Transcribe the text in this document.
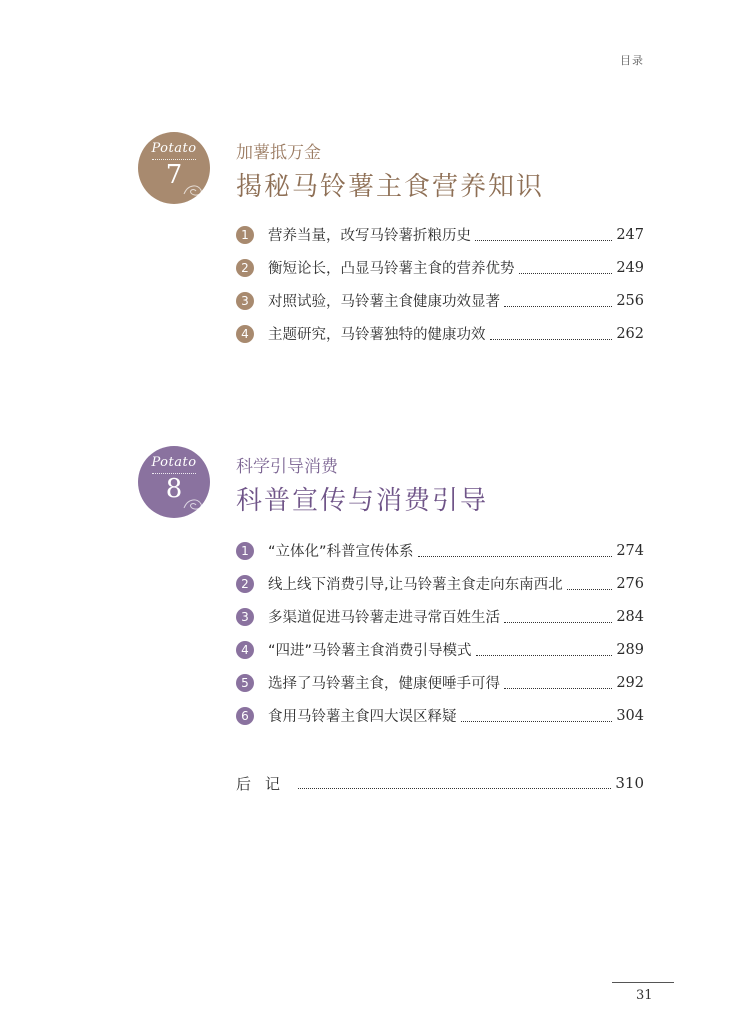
目录
Potato
7
加薯抵万金
揭秘马铃薯主食营养知识
1	营养当量，改写马铃薯折粮历史	247
2	衡短论长，凸显马铃薯主食的营养优势	249
3	对照试验，马铃薯主食健康功效显著	256
4	主题研究，马铃薯独特的健康功效	262
Potato
8
科学引导消费
科普宣传与消费引导
1	“立体化”科普宣传体系	274
2	线上线下消费引导,让马铃薯主食走向东南西北	276
3	多渠道促进马铃薯走进寻常百姓生活	284
4	“四进”马铃薯主食消费引导模式	289
5	选择了马铃薯主食，健康便唾手可得	292
6	食用马铃薯主食四大误区释疑	304
后记	310
31
